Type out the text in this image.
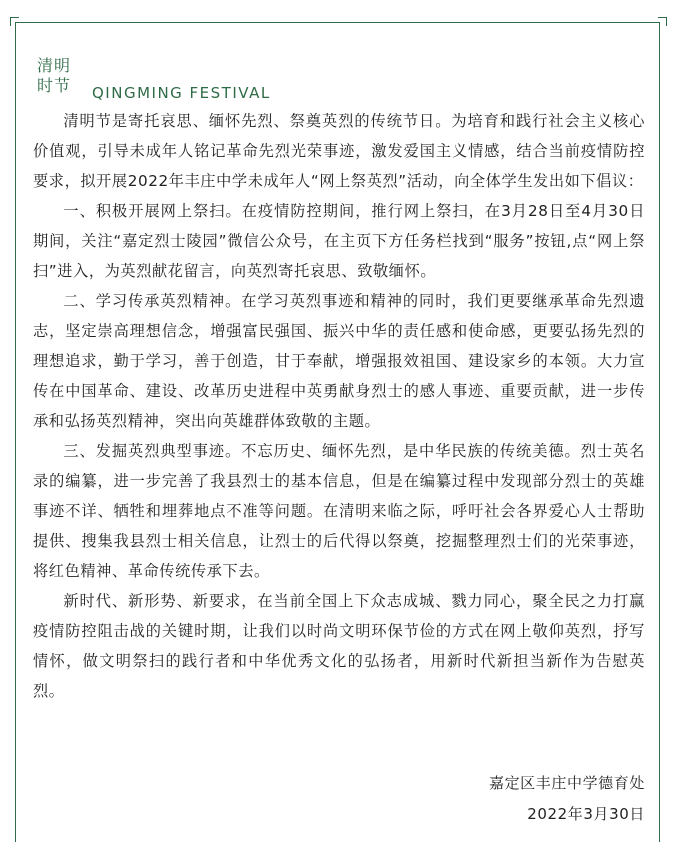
清明
时节	QINGMING FESTIVAL

清明节是寄托哀思、缅怀先烈、祭奠英烈的传统节日。为培育和践行社会主义核心价值观，引导未成年人铭记革命先烈光荣事迹，激发爱国主义情感，结合当前疫情防控要求，拟开展2022年丰庄中学未成年人“网上祭英烈”活动，向全体学生发出如下倡议：

一、积极开展网上祭扫。在疫情防控期间，推行网上祭扫，在3月28日至4月30日期间，关注“嘉定烈士陵园”微信公众号，在主页下方任务栏找到“服务”按钮,点“网上祭扫”进入，为英烈献花留言，向英烈寄托哀思、致敬缅怀。

二、学习传承英烈精神。在学习英烈事迹和精神的同时，我们更要继承革命先烈遗志，坚定崇高理想信念，增强富民强国、振兴中华的责任感和使命感，更要弘扬先烈的理想追求，勤于学习，善于创造，甘于奉献，增强报效祖国、建设家乡的本领。大力宣传在中国革命、建设、改革历史进程中英勇献身烈士的感人事迹、重要贡献，进一步传承和弘扬英烈精神，突出向英雄群体致敬的主题。

三、发掘英烈典型事迹。不忘历史、缅怀先烈，是中华民族的传统美德。烈士英名录的编纂，进一步完善了我县烈士的基本信息，但是在编纂过程中发现部分烈士的英雄事迹不详、牺牲和埋葬地点不准等问题。在清明来临之际，呼吁社会各界爱心人士帮助提供、搜集我县烈士相关信息，让烈士的后代得以祭奠，挖掘整理烈士们的光荣事迹，将红色精神、革命传统传承下去。

新时代、新形势、新要求，在当前全国上下众志成城、戮力同心，聚全民之力打赢疫情防控阻击战的关键时期，让我们以时尚文明环保节俭的方式在网上敬仰英烈，抒写情怀，做文明祭扫的践行者和中华优秀文化的弘扬者，用新时代新担当新作为告慰英烈。

嘉定区丰庄中学德育处
2022年3月30日
